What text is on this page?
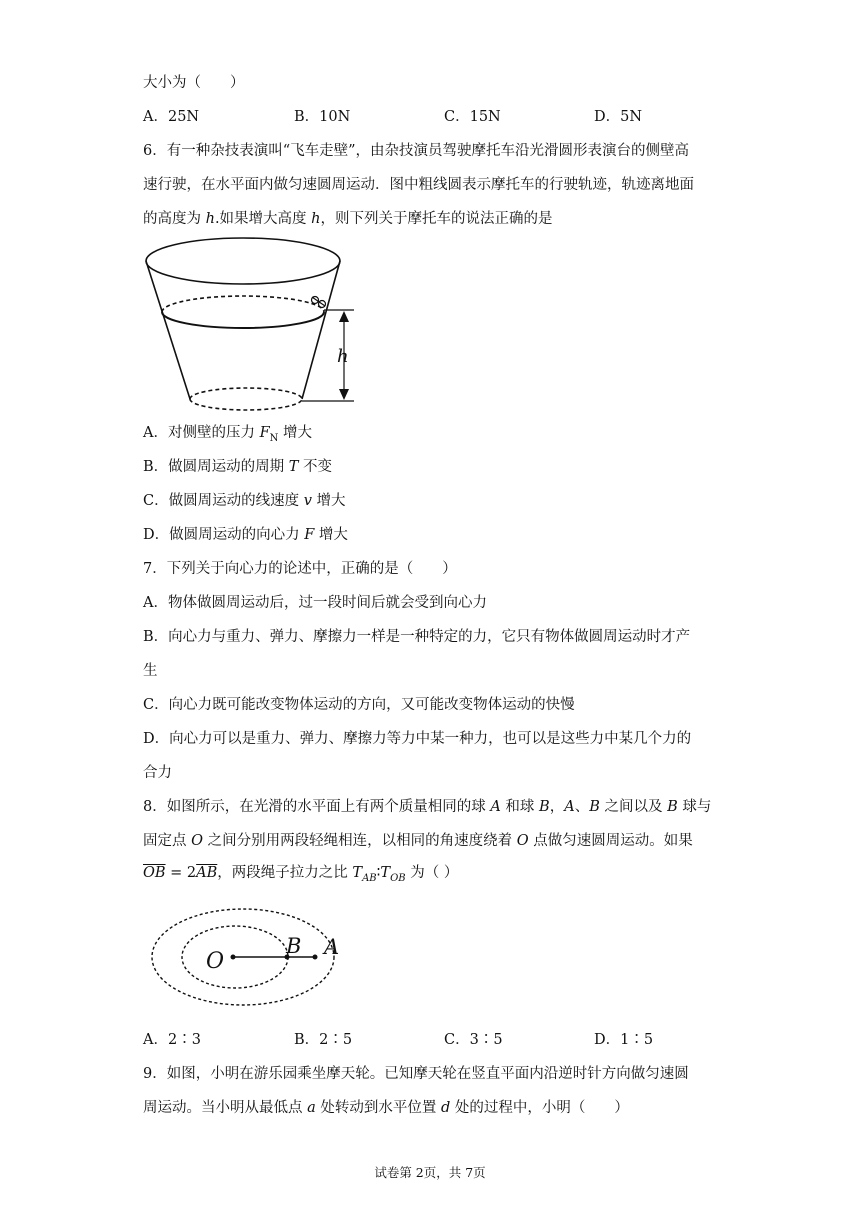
大小为（　　）
A．25N	B．10N	C．15N	D．5N
6．有一种杂技表演叫“飞车走壁”，由杂技演员驾驶摩托车沿光滑圆形表演台的侧壁高
速行驶，在水平面内做匀速圆周运动．图中粗线圆表示摩托车的行驶轨迹，轨迹离地面
的高度为 h.如果增大高度 h，则下列关于摩托车的说法正确的是
h
A．对侧壁的压力 $F_N$ 增大
B．做圆周运动的周期 T 不变
C．做圆周运动的线速度 v 增大
D．做圆周运动的向心力 F 增大
7．下列关于向心力的论述中，正确的是（　　）
A．物体做圆周运动后，过一段时间后就会受到向心力
B．向心力与重力、弹力、摩擦力一样是一种特定的力，它只有物体做圆周运动时才产
生
C．向心力既可能改变物体运动的方向，又可能改变物体运动的快慢
D．向心力可以是重力、弹力、摩擦力等力中某一种力，也可以是这些力中某几个力的
合力
8．如图所示，在光滑的水平面上有两个质量相同的球 A 和球 B，A、B 之间以及 B 球与
固定点 O 之间分别用两段轻绳相连，以相同的角速度绕着 O 点做匀速圆周运动。如果
$\overline{OB} = 2\overline{AB}$，两段绳子拉力之比 $T_{AB}∶T_{OB}$ 为（ ）
O
B A
A．2∶3	B．2∶5	C．3∶5	D．1∶5
9．如图，小明在游乐园乘坐摩天轮。已知摩天轮在竖直平面内沿逆时针方向做匀速圆
周运动。当小明从最低点 a 处转动到水平位置 d 处的过程中，小明（　　）
试卷第 2页，共 7页
